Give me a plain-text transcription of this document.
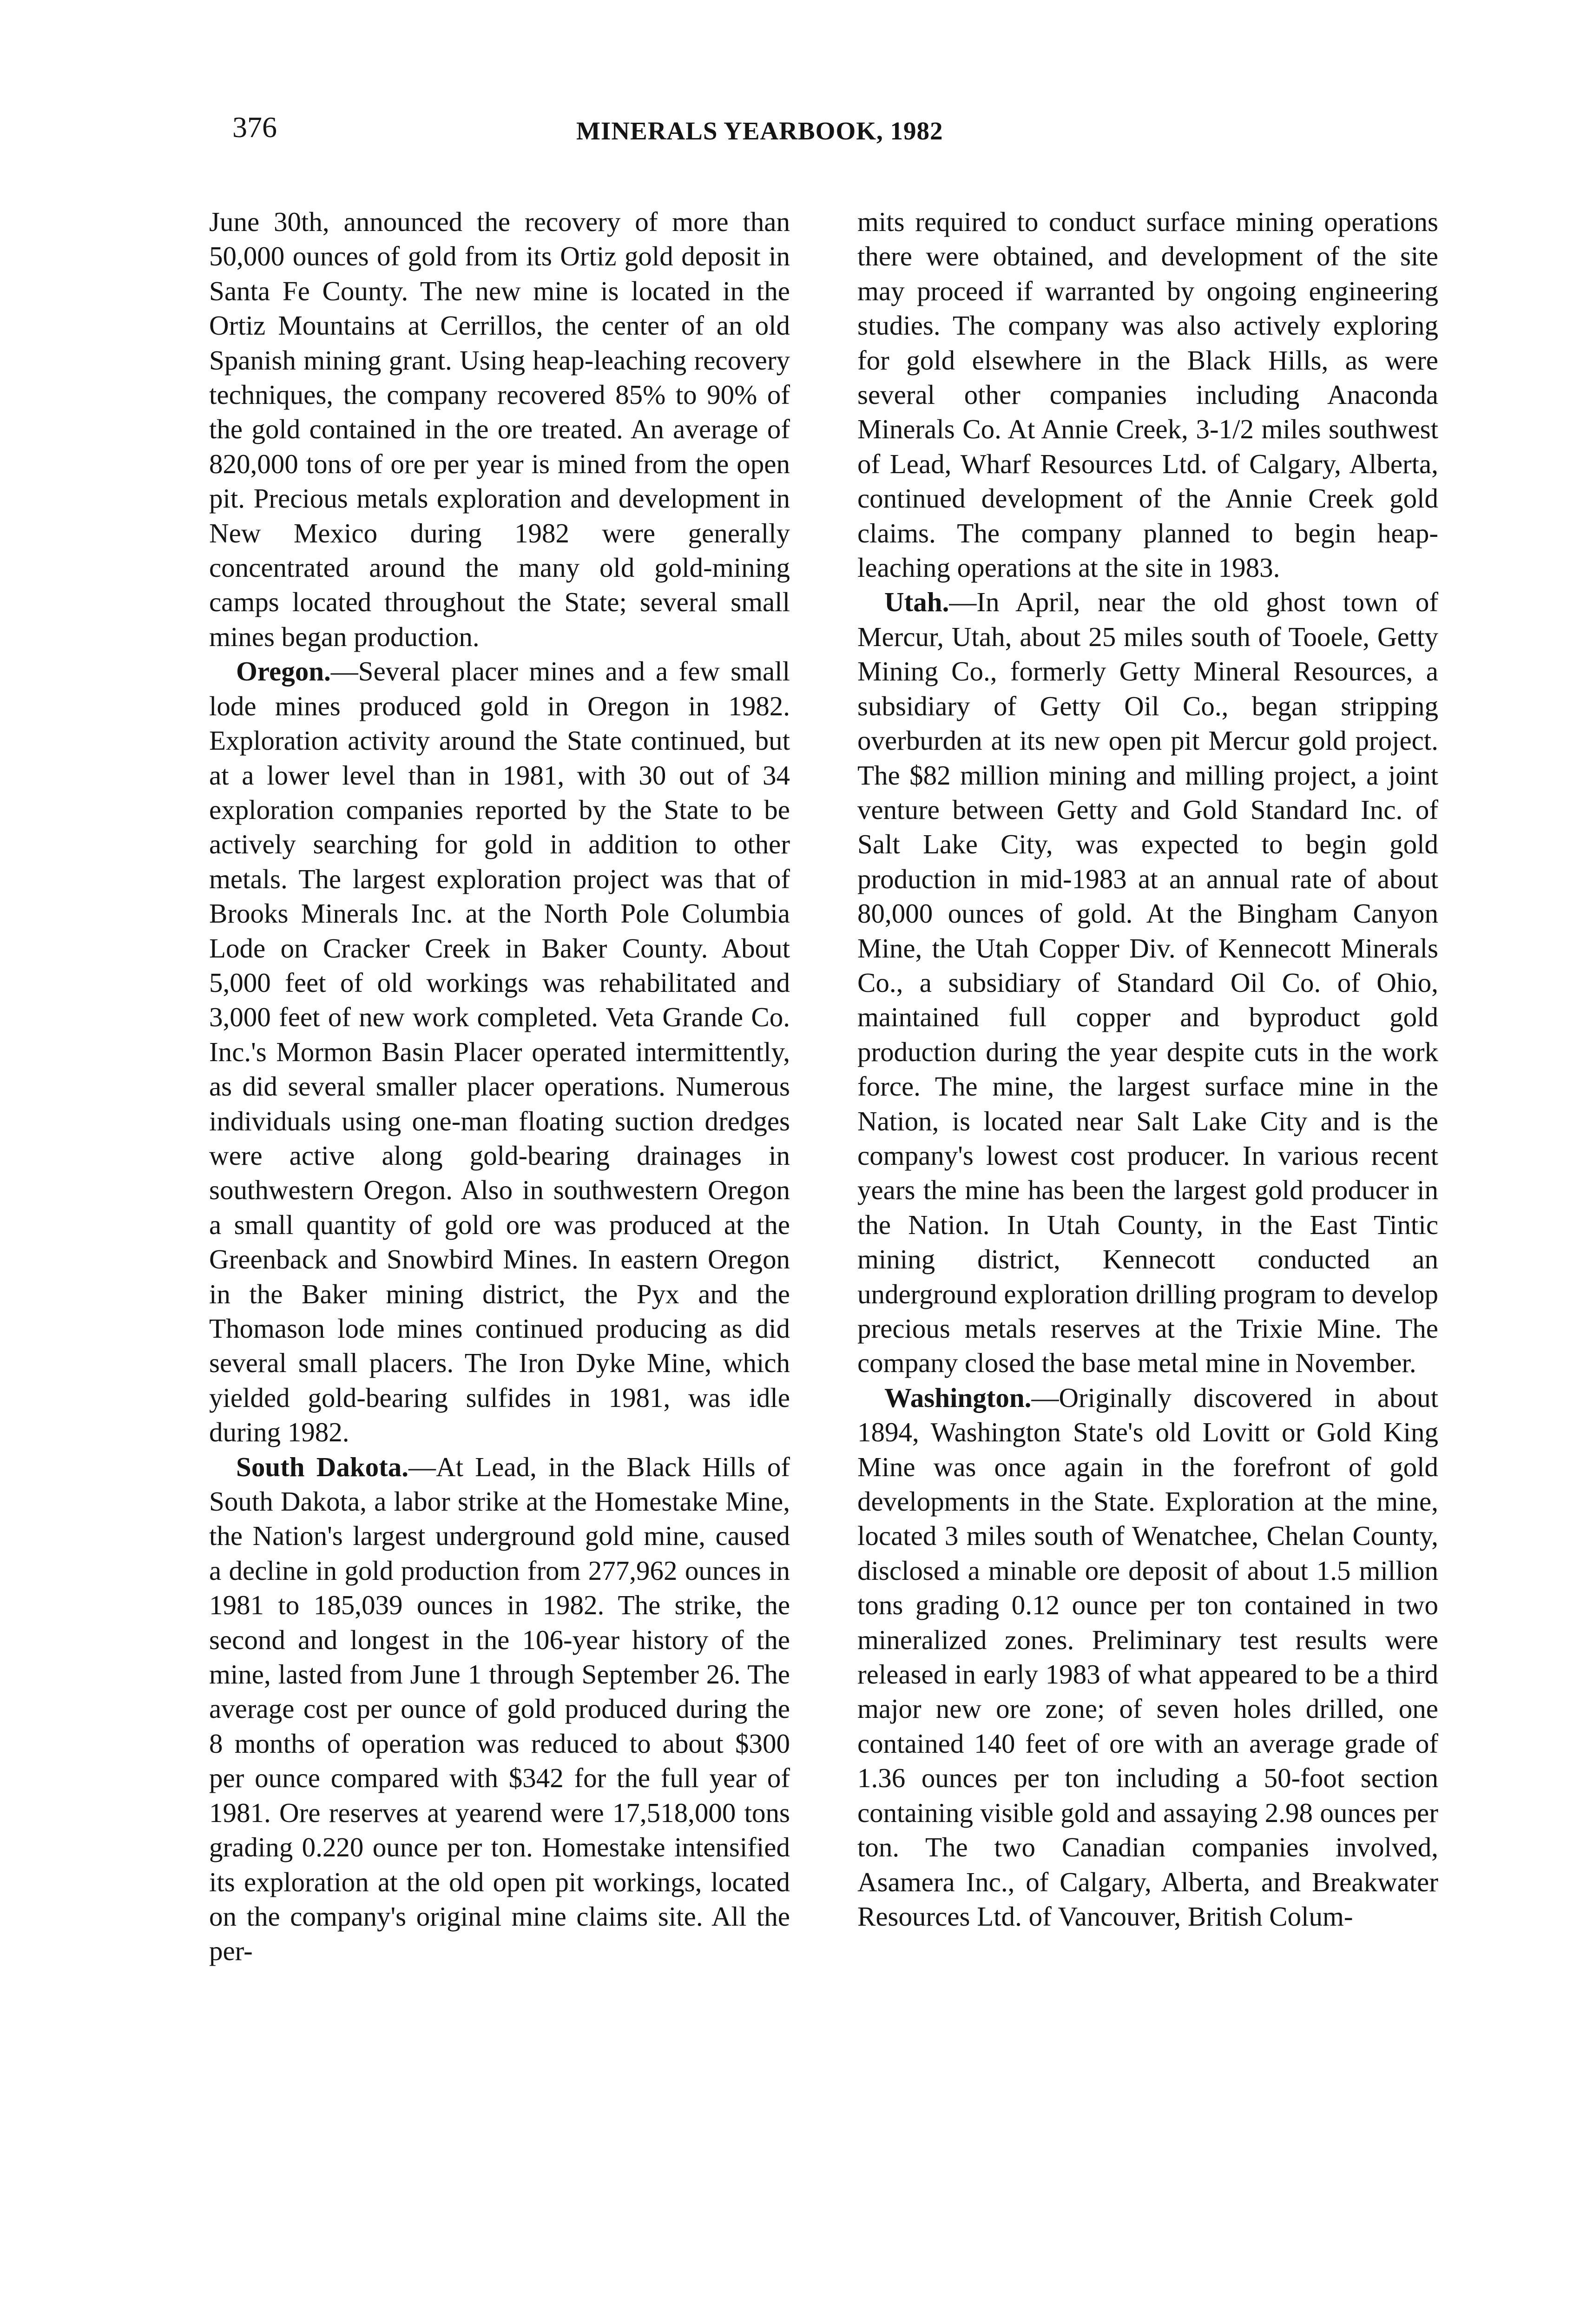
376	MINERALS YEARBOOK, 1982

June 30th, announced the recovery of more than 50,000 ounces of gold from its Ortiz gold deposit in Santa Fe County. The new mine is located in the Ortiz Mountains at Cerrillos, the center of an old Spanish mining grant. Using heap-leaching recovery techniques, the company recovered 85% to 90% of the gold contained in the ore treated. An average of 820,000 tons of ore per year is mined from the open pit. Precious metals exploration and development in New Mexico during 1982 were generally concentrated around the many old gold-mining camps located throughout the State; several small mines began production.

Oregon.—Several placer mines and a few small lode mines produced gold in Oregon in 1982. Exploration activity around the State continued, but at a lower level than in 1981, with 30 out of 34 exploration companies reported by the State to be actively searching for gold in addition to other metals. The largest exploration project was that of Brooks Minerals Inc. at the North Pole Columbia Lode on Cracker Creek in Baker County. About 5,000 feet of old workings was rehabilitated and 3,000 feet of new work completed. Veta Grande Co. Inc.'s Mormon Basin Placer operated intermittently, as did several smaller placer operations. Numerous individuals using one-man floating suction dredges were active along gold-bearing drainages in southwestern Oregon. Also in southwestern Oregon a small quantity of gold ore was produced at the Greenback and Snowbird Mines. In eastern Oregon in the Baker mining district, the Pyx and the Thomason lode mines continued producing as did several small placers. The Iron Dyke Mine, which yielded gold-bearing sulfides in 1981, was idle during 1982.

South Dakota.—At Lead, in the Black Hills of South Dakota, a labor strike at the Homestake Mine, the Nation's largest underground gold mine, caused a decline in gold production from 277,962 ounces in 1981 to 185,039 ounces in 1982. The strike, the second and longest in the 106-year history of the mine, lasted from June 1 through September 26. The average cost per ounce of gold produced during the 8 months of operation was reduced to about $300 per ounce compared with $342 for the full year of 1981. Ore reserves at yearend were 17,518,000 tons grading 0.220 ounce per ton. Homestake intensified its exploration at the old open pit workings, located on the company's original mine claims site. All the per-

mits required to conduct surface mining operations there were obtained, and development of the site may proceed if warranted by ongoing engineering studies. The company was also actively exploring for gold elsewhere in the Black Hills, as were several other companies including Anaconda Minerals Co. At Annie Creek, 3-1/2 miles southwest of Lead, Wharf Resources Ltd. of Calgary, Alberta, continued development of the Annie Creek gold claims. The company planned to begin heap-leaching operations at the site in 1983.

Utah.—In April, near the old ghost town of Mercur, Utah, about 25 miles south of Tooele, Getty Mining Co., formerly Getty Mineral Resources, a subsidiary of Getty Oil Co., began stripping overburden at its new open pit Mercur gold project. The $82 million mining and milling project, a joint venture between Getty and Gold Standard Inc. of Salt Lake City, was expected to begin gold production in mid-1983 at an annual rate of about 80,000 ounces of gold. At the Bingham Canyon Mine, the Utah Copper Div. of Kennecott Minerals Co., a subsidiary of Standard Oil Co. of Ohio, maintained full copper and byproduct gold production during the year despite cuts in the work force. The mine, the largest surface mine in the Nation, is located near Salt Lake City and is the company's lowest cost producer. In various recent years the mine has been the largest gold producer in the Nation. In Utah County, in the East Tintic mining district, Kennecott conducted an underground exploration drilling program to develop precious metals reserves at the Trixie Mine. The company closed the base metal mine in November.

Washington.—Originally discovered in about 1894, Washington State's old Lovitt or Gold King Mine was once again in the forefront of gold developments in the State. Exploration at the mine, located 3 miles south of Wenatchee, Chelan County, disclosed a minable ore deposit of about 1.5 million tons grading 0.12 ounce per ton contained in two mineralized zones. Preliminary test results were released in early 1983 of what appeared to be a third major new ore zone; of seven holes drilled, one contained 140 feet of ore with an average grade of 1.36 ounces per ton including a 50-foot section containing visible gold and assaying 2.98 ounces per ton. The two Canadian companies involved, Asamera Inc., of Calgary, Alberta, and Breakwater Resources Ltd. of Vancouver, British Colum-
